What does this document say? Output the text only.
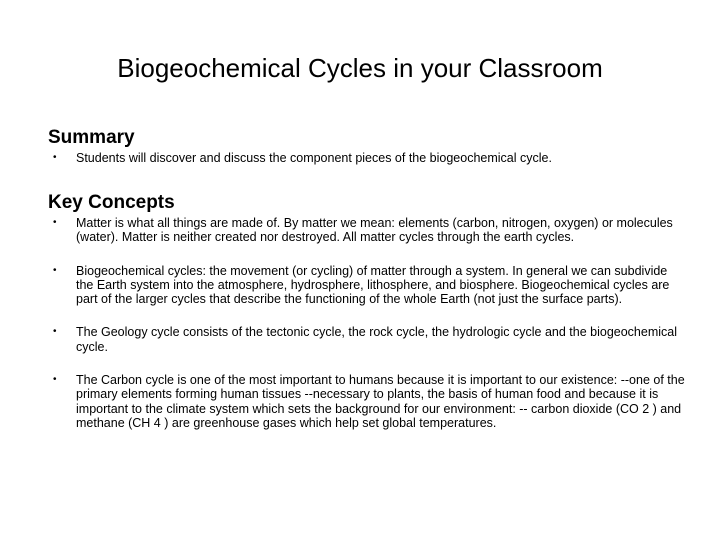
Biogeochemical Cycles in your Classroom
Summary
• Students will discover and discuss the component pieces of the biogeochemical cycle.
Key Concepts
• Matter is what all things are made of. By matter we mean: elements (carbon, nitrogen, oxygen) or molecules (water). Matter is neither created nor destroyed. All matter cycles through the earth cycles.
• Biogeochemical cycles: the movement (or cycling) of matter through a system. In general we can subdivide the Earth system into the atmosphere, hydrosphere, lithosphere, and biosphere. Biogeochemical cycles are part of the larger cycles that describe the functioning of the whole Earth (not just the surface parts).
• The Geology cycle consists of the tectonic cycle, the rock cycle, the hydrologic cycle and the biogeochemical cycle.
• The Carbon cycle is one of the most important to humans because it is important to our existence: --one of the primary elements forming human tissues --necessary to plants, the basis of human food and because it is important to the climate system which sets the background for our environment: -- carbon dioxide (CO 2 ) and methane (CH 4 ) are greenhouse gases which help set global temperatures.
